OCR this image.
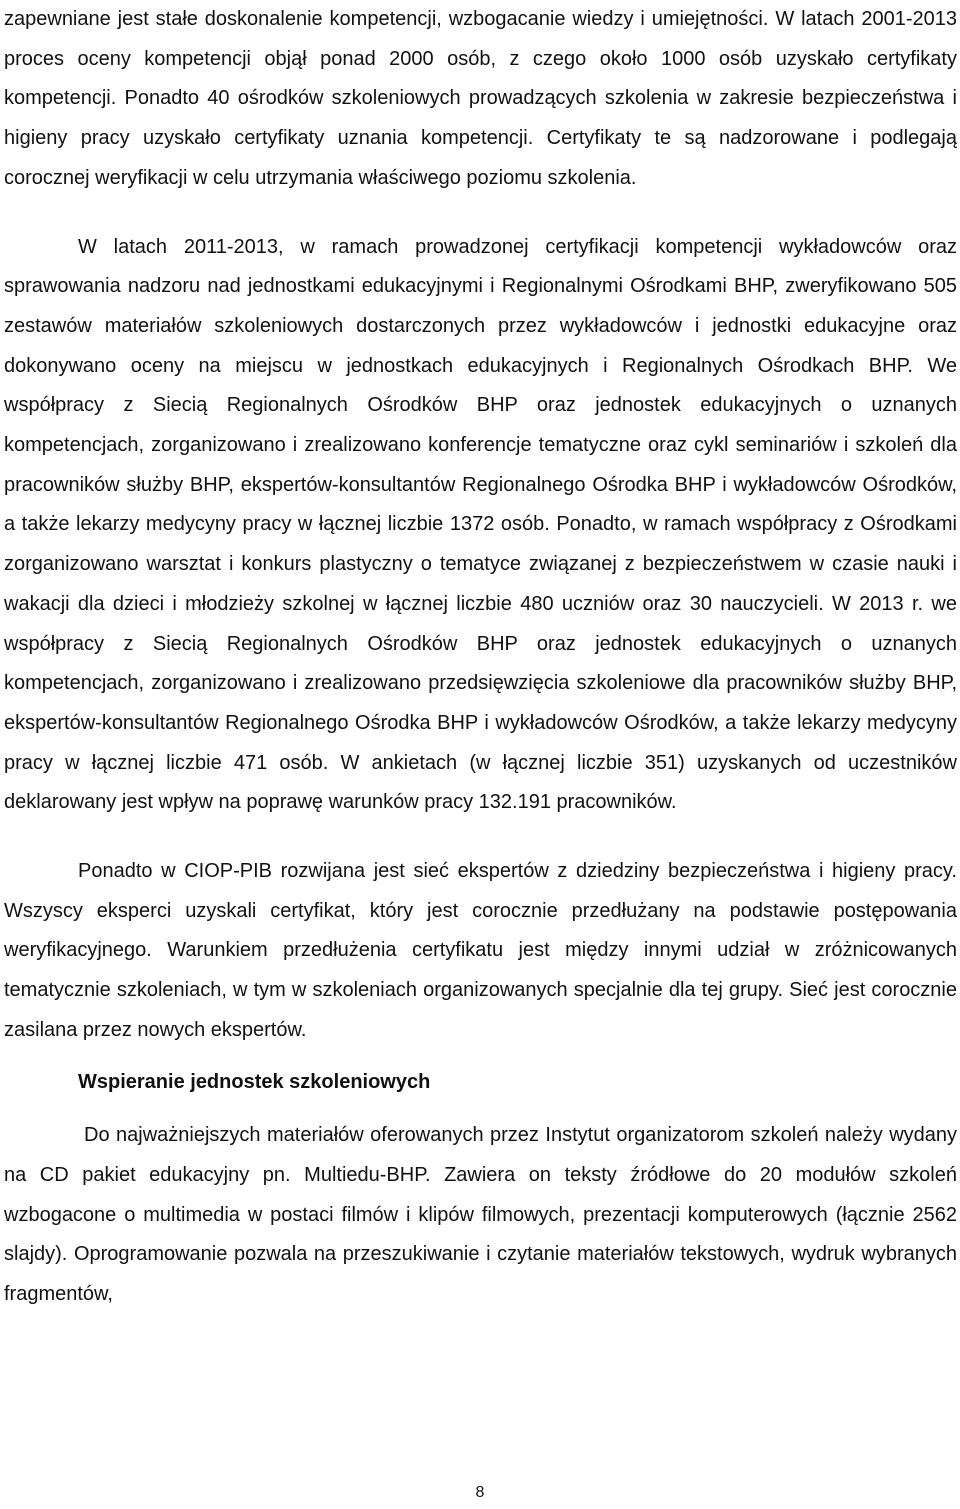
zapewniane jest stałe doskonalenie kompetencji, wzbogacanie wiedzy i umiejętności. W latach 2001-2013 proces oceny kompetencji objął ponad 2000 osób, z czego około 1000 osób uzyskało certyfikaty kompetencji. Ponadto 40 ośrodków szkoleniowych prowadzących szkolenia w zakresie bezpieczeństwa i higieny pracy uzyskało certyfikaty uznania kompetencji. Certyfikaty te są nadzorowane i podlegają corocznej weryfikacji w celu utrzymania właściwego poziomu szkolenia.

W latach 2011-2013, w ramach prowadzonej certyfikacji kompetencji wykładowców oraz sprawowania nadzoru nad jednostkami edukacyjnymi i Regionalnymi Ośrodkami BHP, zweryfikowano 505 zestawów materiałów szkoleniowych dostarczonych przez wykładowców i jednostki edukacyjne oraz dokonywano oceny na miejscu w jednostkach edukacyjnych i Regionalnych Ośrodkach BHP. We współpracy z Siecią Regionalnych Ośrodków BHP oraz jednostek edukacyjnych o uznanych kompetencjach, zorganizowano i zrealizowano konferencje tematyczne oraz cykl seminariów i szkoleń dla pracowników służby BHP, ekspertów-konsultantów Regionalnego Ośrodka BHP i wykładowców Ośrodków, a także lekarzy medycyny pracy w łącznej liczbie 1372 osób. Ponadto, w ramach współpracy z Ośrodkami zorganizowano warsztat i konkurs plastyczny o tematyce związanej z bezpieczeństwem w czasie nauki i wakacji dla dzieci i młodzieży szkolnej w łącznej liczbie 480 uczniów oraz 30 nauczycieli. W 2013 r. we współpracy z Siecią Regionalnych Ośrodków BHP oraz jednostek edukacyjnych o uznanych kompetencjach, zorganizowano i zrealizowano przedsięwzięcia szkoleniowe dla pracowników służby BHP, ekspertów-konsultantów Regionalnego Ośrodka BHP i wykładowców Ośrodków, a także lekarzy medycyny pracy w łącznej liczbie 471 osób. W ankietach (w łącznej liczbie 351) uzyskanych od uczestników deklarowany jest wpływ na poprawę warunków pracy 132.191 pracowników.

Ponadto w CIOP-PIB rozwijana jest sieć ekspertów z dziedziny bezpieczeństwa i higieny pracy. Wszyscy eksperci uzyskali certyfikat, który jest corocznie przedłużany na podstawie postępowania weryfikacyjnego. Warunkiem przedłużenia certyfikatu jest między innymi udział w zróżnicowanych tematycznie szkoleniach, w tym w szkoleniach organizowanych specjalnie dla tej grupy. Sieć jest corocznie zasilana przez nowych ekspertów.

Wspieranie jednostek szkoleniowych

Do najważniejszych materiałów oferowanych przez Instytut organizatorom szkoleń należy wydany na CD pakiet edukacyjny pn. Multiedu-BHP. Zawiera on teksty źródłowe do 20 modułów szkoleń wzbogacone o multimedia w postaci filmów i klipów filmowych, prezentacji komputerowych (łącznie 2562 slajdy). Oprogramowanie pozwala na przeszukiwanie i czytanie materiałów tekstowych, wydruk wybranych fragmentów,

8
